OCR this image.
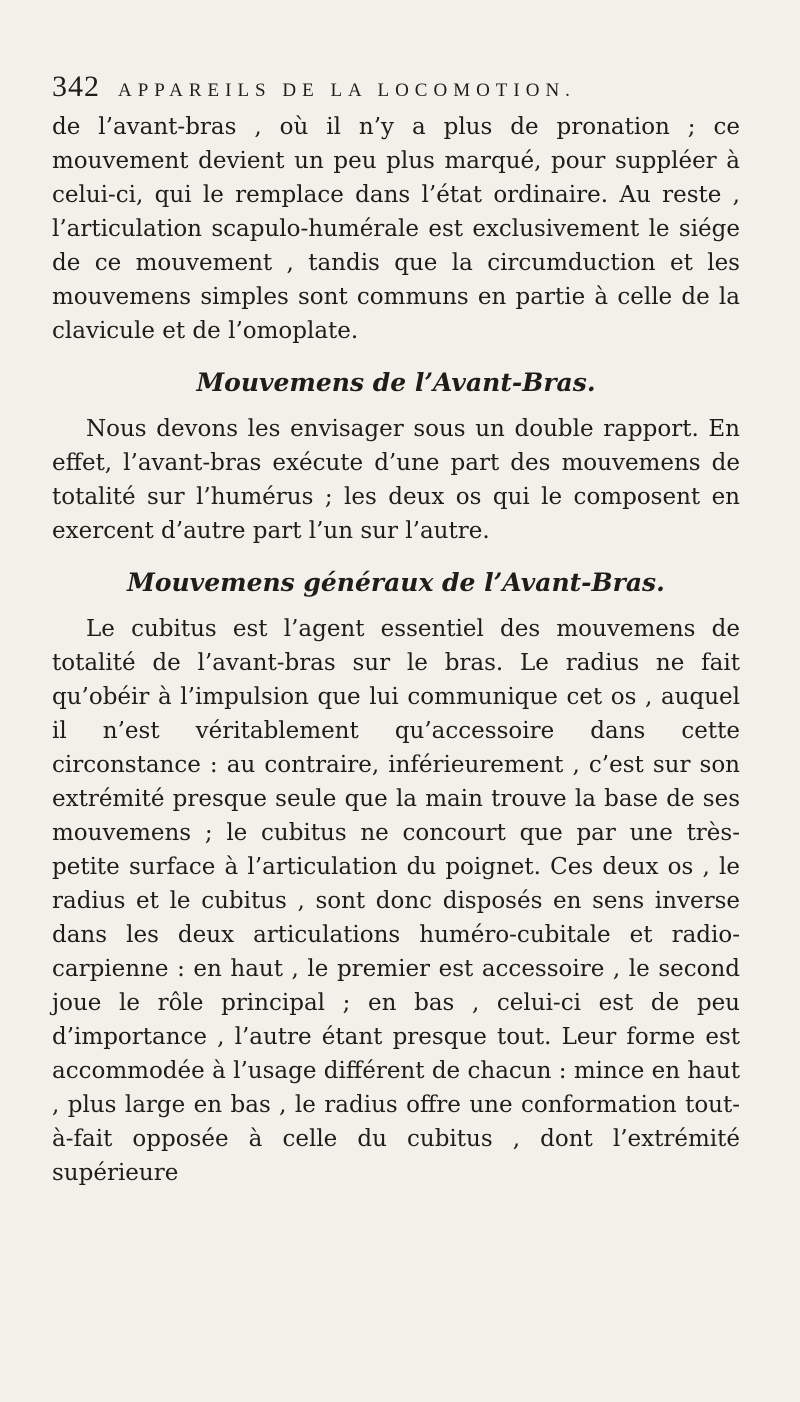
342 APPAREILS DE LA LOCOMOTION.

de l’avant-bras , où il n’y a plus de pronation ; ce mouvement devient un peu plus marqué, pour suppléer à celui-ci, qui le remplace dans l’état ordinaire. Au reste , l’articulation scapulo-humérale est exclusivement le siége de ce mouvement , tandis que la circumduction et les mouvemens simples sont communs en partie à celle de la clavicule et de l’omoplate.

Mouvemens de l’Avant-Bras.

Nous devons les envisager sous un double rapport. En effet, l’avant-bras exécute d’une part des mouvemens de totalité sur l’humérus ; les deux os qui le composent en exercent d’autre part l’un sur l’autre.

Mouvemens généraux de l’Avant-Bras.

Le cubitus est l’agent essentiel des mouvemens de totalité de l’avant-bras sur le bras. Le radius ne fait qu’obéir à l’impulsion que lui communique cet os , auquel il n’est véritablement qu’accessoire dans cette circonstance : au contraire, inférieurement , c’est sur son extrémité presque seule que la main trouve la base de ses mouvemens ; le cubitus ne concourt que par une très-petite surface à l’articulation du poignet. Ces deux os , le radius et le cubitus , sont donc disposés en sens inverse dans les deux articulations huméro-cubitale et radio-carpienne : en haut , le premier est accessoire , le second joue le rôle principal ; en bas , celui-ci est de peu d’importance , l’autre étant presque tout. Leur forme est accommodée à l’usage différent de chacun : mince en haut , plus large en bas , le radius offre une conformation tout-à-fait opposée à celle du cubitus , dont l’extrémité supérieure
